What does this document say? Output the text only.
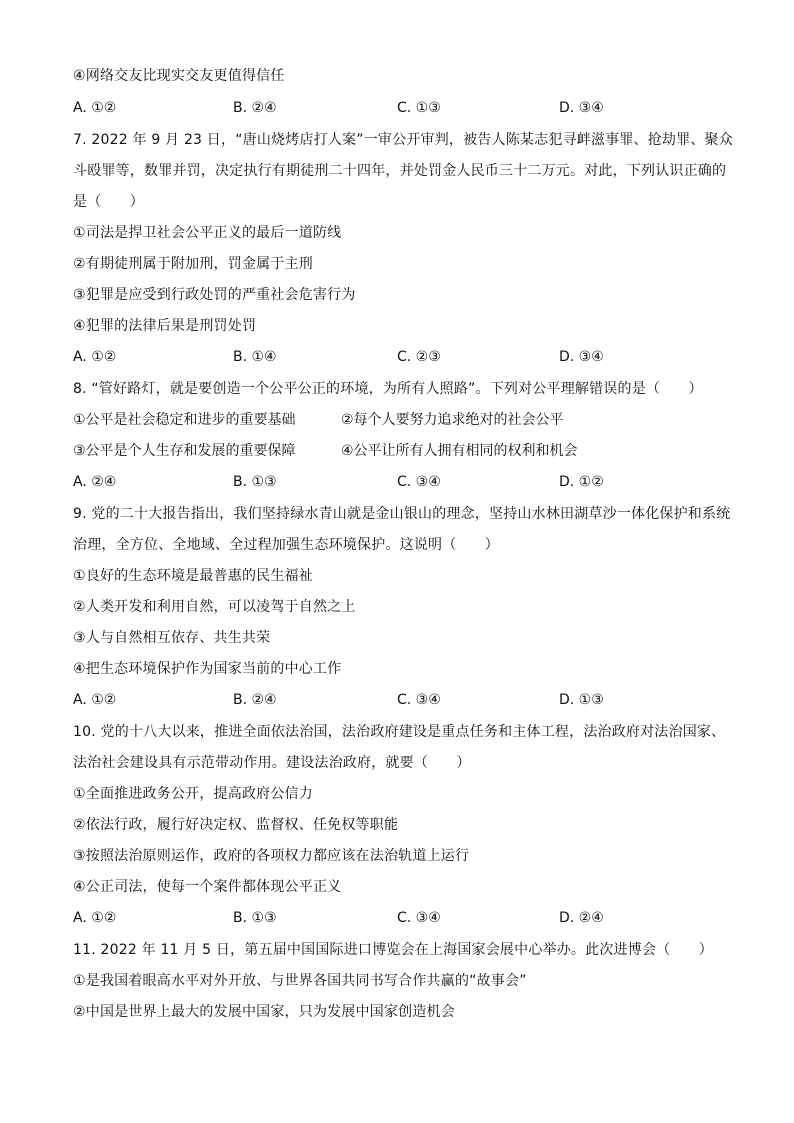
④网络交友比现实交友更值得信任
A. ①②	B. ②④	C. ①③	D. ③④
7. 2022 年 9 月 23 日，“唐山烧烤店打人案”一审公开审判，被告人陈某志犯寻衅滋事罪、抢劫罪、聚众
斗殴罪等，数罪并罚，决定执行有期徒刑二十四年，并处罚金人民币三十二万元。对此，下列认识正确的
是（　　）
①司法是捍卫社会公平正义的最后一道防线
②有期徒刑属于附加刑，罚金属于主刑
③犯罪是应受到行政处罚的严重社会危害行为
④犯罪的法律后果是刑罚处罚
A. ①②	B. ①④	C. ②③	D. ③④
8. “管好路灯，就是要创造一个公平公正的环境，为所有人照路”。下列对公平理解错误的是（　　）
①公平是社会稳定和进步的重要基础	②每个人要努力追求绝对的社会公平
③公平是个人生存和发展的重要保障	④公平让所有人拥有相同的权利和机会
A. ②④	B. ①③	C. ③④	D. ①②
9. 党的二十大报告指出，我们坚持绿水青山就是金山银山的理念，坚持山水林田湖草沙一体化保护和系统
治理，全方位、全地域、全过程加强生态环境保护。这说明（　　）
①良好的生态环境是最普惠的民生福祉
②人类开发和利用自然，可以凌驾于自然之上
③人与自然相互依存、共生共荣
④把生态环境保护作为国家当前的中心工作
A. ①②	B. ②④	C. ③④	D. ①③
10. 党的十八大以来，推进全面依法治国，法治政府建设是重点任务和主体工程，法治政府对法治国家、
法治社会建设具有示范带动作用。建设法治政府，就要（　　）
①全面推进政务公开，提高政府公信力
②依法行政，履行好决定权、监督权、任免权等职能
③按照法治原则运作，政府的各项权力都应该在法治轨道上运行
④公正司法，使每一个案件都体现公平正义
A. ①②	B. ①③	C. ③④	D. ②④
11. 2022 年 11 月 5 日，第五届中国国际进口博览会在上海国家会展中心举办。此次进博会（　　）
①是我国着眼高水平对外开放、与世界各国共同书写合作共赢的“故事会”
②中国是世界上最大的发展中国家，只为发展中国家创造机会
